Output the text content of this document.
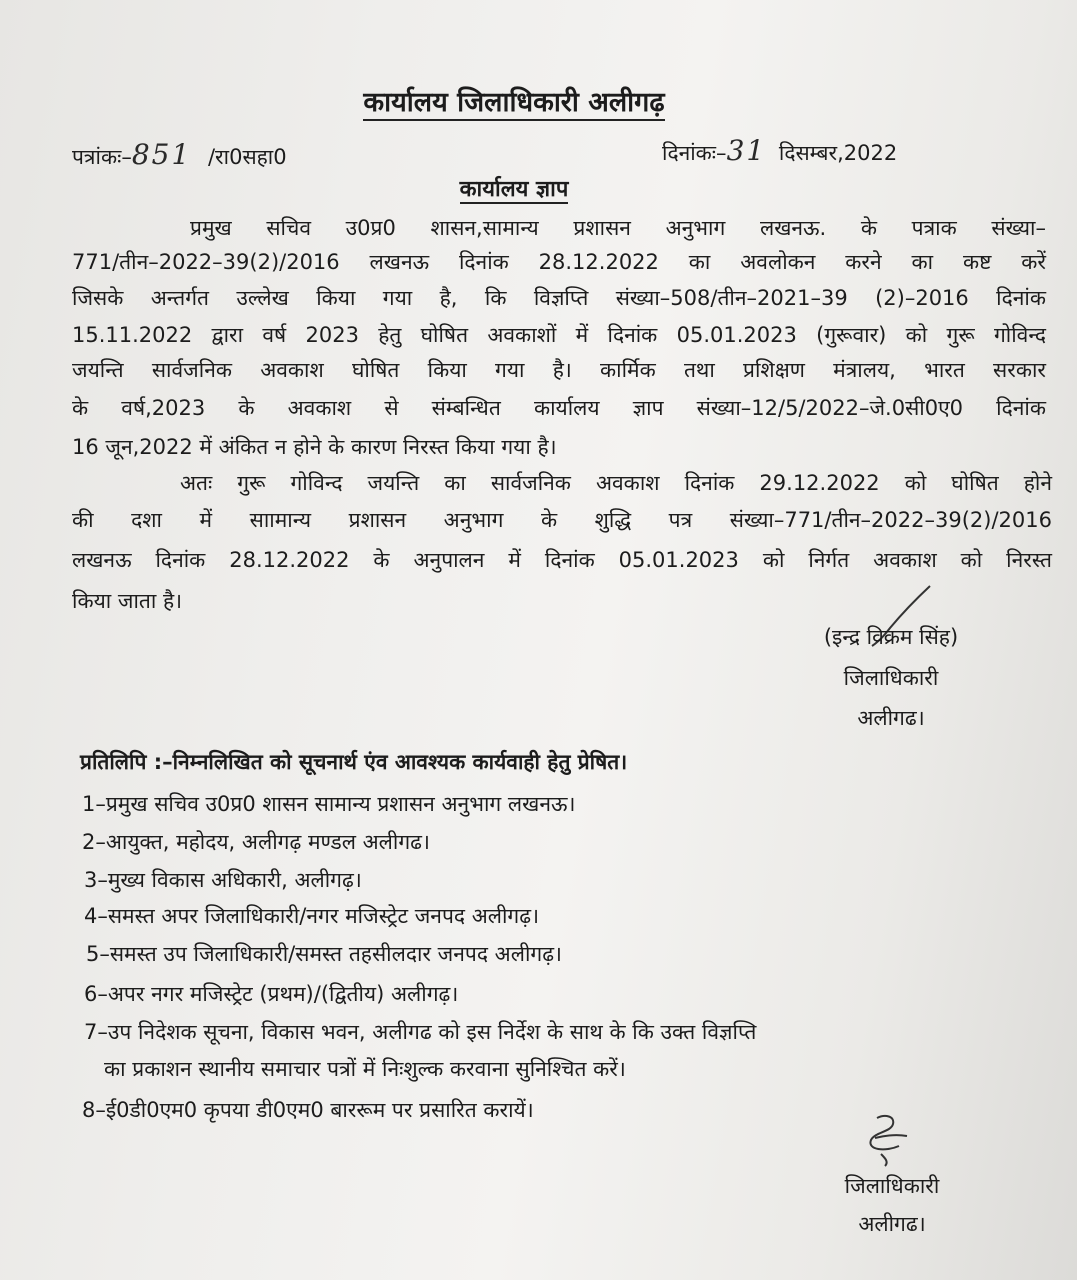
कार्यालय जिलाधिकारी अलीगढ़
पत्रांकः–851 /रा0सहा0	दिनांकः–31 दिसम्बर,2022
कार्यालय ज्ञाप
प्रमुख सचिव उ0प्र0 शासन,सामान्य प्रशासन अनुभाग लखनऊ. के पत्राक संख्या–
771/तीन–2022–39(2)/2016 लखनऊ दिनांक 28.12.2022 का अवलोकन करने का कष्ट करें
जिसके अन्तर्गत उल्लेख किया गया है, कि विज्ञप्ति संख्या–508/तीन–2021–39 (2)–2016 दिनांक
15.11.2022 द्वारा वर्ष 2023 हेतु घोषित अवकाशों में दिनांक 05.01.2023 (गुरूवार) को गुरू गोविन्द
जयन्ति सार्वजनिक अवकाश घोषित किया गया है। कार्मिक तथा प्रशिक्षण मंत्रालय, भारत सरकार
के वर्ष,2023 के अवकाश से संम्बन्धित कार्यालय ज्ञाप संख्या–12/5/2022–जे.0सी0ए0 दिनांक
16 जून,2022 में अंकित न होने के कारण निरस्त किया गया है।
अतः गुरू गोविन्द जयन्ति का सार्वजनिक अवकाश दिनांक 29.12.2022 को घोषित होने
की दशा में साामान्य प्रशासन अनुभाग के शुद्धि पत्र संख्या–771/तीन–2022–39(2)/2016
लखनऊ दिनांक 28.12.2022 के अनुपालन में दिनांक 05.01.2023 को निर्गत अवकाश को निरस्त
किया जाता है।
(इन्द्र विक्रम सिंह)
जिलाधिकारी
अलीगढ।
प्रतिलिपि :–निम्नलिखित को सूचनार्थ एंव आवश्यक कार्यवाही हेतु प्रेषित।
1–प्रमुख सचिव उ0प्र0 शासन सामान्य प्रशासन अनुभाग लखनऊ।
2–आयुक्त, महोदय, अलीगढ़ मण्डल अलीगढ।
3–मुख्य विकास अधिकारी, अलीगढ़।
4–समस्त अपर जिलाधिकारी/नगर मजिस्ट्रेट जनपद अलीगढ़।
5–समस्त उप जिलाधिकारी/समस्त तहसीलदार जनपद अलीगढ़।
6–अपर नगर मजिस्ट्रेट (प्रथम)/(द्वितीय) अलीगढ़।
7–उप निदेशक सूचना, विकास भवन, अलीगढ को इस निर्देश के साथ के कि उक्त विज्ञप्ति
का प्रकाशन स्थानीय समाचार पत्रों में निःशुल्क करवाना सुनिश्चित करें।
8–ई0डी0एम0 कृपया डी0एम0 बाररूम पर प्रसारित करायें।
जिलाधिकारी
अलीगढ।
